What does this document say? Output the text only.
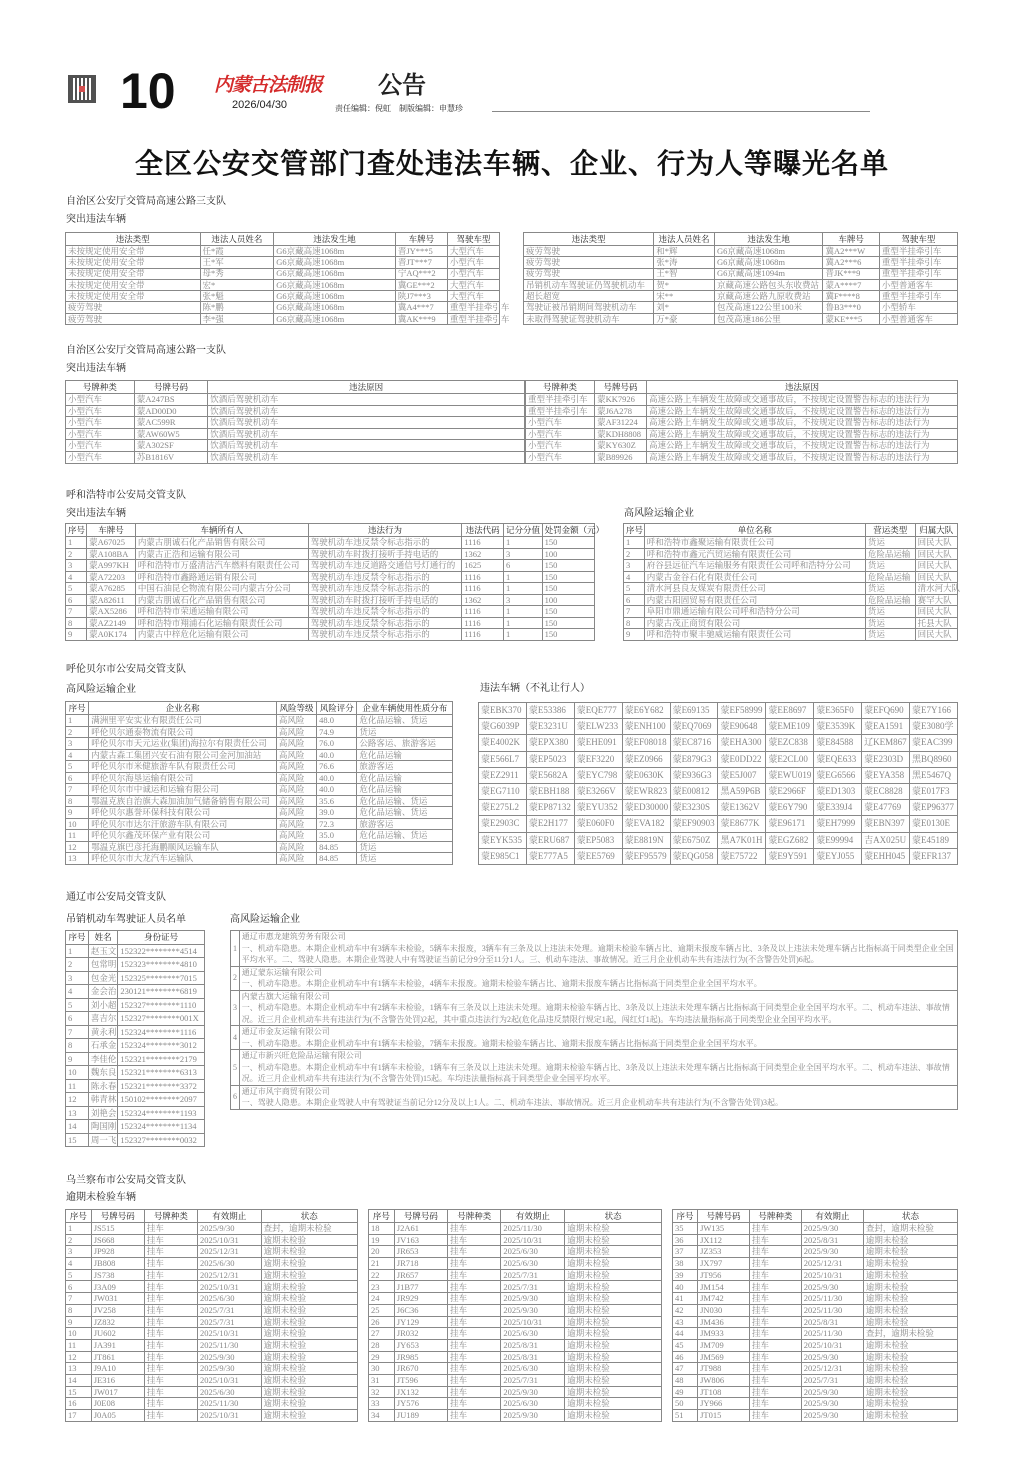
10 内蒙古法制报
2026/04/30
公告
责任编辑：倪虹　制版编辑：申慧珍
全区公安交管部门查处违法车辆、企业、行为人等曝光名单
自治区公安厅交管局高速公路三支队
突出违法车辆
违法类型	违法人员姓名	违法发生地	车牌号	驾驶车型
未按规定使用安全带	任*霞	G6京藏高速1068m	晋JY***5	大型汽车
未按规定使用安全带	王*军	G6京藏高速1068m	晋JT***7	小型汽车
未按规定使用安全带	母*秀	G6京藏高速1068m	宁AQ***2	小型汽车
未按规定使用安全带	宏*	G6京藏高速1068m	冀GE***2	大型汽车
未按规定使用安全带	张*魁	G6京藏高速1068m	陕J7***3	大型汽车
疲劳驾驶	陈*鹏	G6京藏高速1068m	冀A4***7	重型半挂牵引车
疲劳驾驶	李*强	G6京藏高速1068m	冀AK***9	重型半挂牵引车
违法类型	违法人员姓名	违法发生地	车牌号	驾驶车型
疲劳驾驶	和*辉	G6京藏高速1068m	冀A2***W	重型半挂牵引车
疲劳驾驶	张*涛	G6京藏高速1068m	冀A2***6	重型半挂牵引车
疲劳驾驶	王*智	G6京藏高速1094m	晋JK***9	重型半挂牵引车
吊销机动车驾驶证仍驾驶机动车	贺*	京藏高速公路包头东收费站	蒙A****7	小型普通客车
超长超宽	宋**	京藏高速公路九原收费站	冀F****8	重型半挂牵引车
驾驶证被吊销期间驾驶机动车	刘*	包茂高速122公里100米	鲁B3***0	小型轿车
未取得驾驶证驾驶机动车	万*豪	包茂高速186公里	蒙KE***5	小型普通客车
自治区公安厅交管局高速公路一支队
突出违法车辆
号牌种类	号牌号码	违法原因
小型汽车	蒙A247BS	饮酒后驾驶机动车
小型汽车	蒙AD00D0	饮酒后驾驶机动车
小型汽车	蒙AC599R	饮酒后驾驶机动车
小型汽车	蒙AW60W5	饮酒后驾驶机动车
小型汽车	蒙A302SF	饮酒后驾驶机动车
小型汽车	苏B1816V	饮酒后驾驶机动车
号牌种类	号牌号码	违法原因
重型半挂牵引车	蒙KK7926	高速公路上车辆发生故障或交通事故后，不按规定设置警告标志的违法行为
重型半挂牵引车	蒙J6A278	高速公路上车辆发生故障或交通事故后，不按规定设置警告标志的违法行为
小型汽车	蒙AF31224	高速公路上车辆发生故障或交通事故后，不按规定设置警告标志的违法行为
小型汽车	蒙KDH8808	高速公路上车辆发生故障或交通事故后，不按规定设置警告标志的违法行为
小型汽车	蒙KY630Z	高速公路上车辆发生故障或交通事故后，不按规定设置警告标志的违法行为
小型汽车	蒙B89926	高速公路上车辆发生故障或交通事故后，不按规定设置警告标志的违法行为
呼和浩特市公安局交管支队
突出违法车辆	高风险运输企业
序号	车牌号	车辆所有人	违法行为	违法代码	记分分值	处罚金额（元）
1	蒙A67025	内蒙古朋诚石化产品销售有限公司	驾驶机动车违反禁令标志指示的	1116	1	150
2	蒙A108BA	内蒙古正浩和运输有限公司	驾驶机动车时拨打接听手持电话的	1362	3	100
3	蒙A997KH	呼和浩特市万盛清洁汽车燃料有限责任公司	驾驶机动车违反道路交通信号灯通行的	1625	6	150
4	蒙A72203	呼和浩特市鑫路通运销有限公司	驾驶机动车违反禁令标志指示的	1116	1	150
5	蒙A76285	中国石油昆仑物流有限公司内蒙古分公司	驾驶机动车违反禁令标志指示的	1116	1	150
6	蒙A82611	内蒙古朋诚石化产品销售有限公司	驾驶机动车时拨打接听手持电话的	1362	3	100
7	蒙AX5286	呼和浩特市荣通运输有限公司	驾驶机动车违反禁令标志指示的	1116	1	150
8	蒙AZ2149	呼和浩特市翔浦石化运输有限责任公司	驾驶机动车违反禁令标志指示的	1116	1	150
9	蒙A0K174	内蒙古中梓危化运输有限公司	驾驶机动车违反禁令标志指示的	1116	1	150
序号	单位名称	营运类型	归属大队
1	呼和浩特市鑫聚运输有限责任公司	货运	回民大队
2	呼和浩特市鑫元汽贸运输有限责任公司	危险品运输	回民大队
3	府谷县远征汽车运输服务有限责任公司呼和浩特分公司	货运	回民大队
4	内蒙古金谷石化有限责任公司	危险品运输	回民大队
5	清水河县良友煤炭有限责任公司	货运	清水河大队
6	内蒙古阳固贸易有限责任公司	危险品运输	赛罕大队
7	阜阳市鼎通运输有限公司呼和浩特分公司	货运	回民大队
8	内蒙古茂正商贸有限公司	货运	托县大队
9	呼和浩特市聚丰驰威运输有限责任公司	货运	回民大队
呼伦贝尔市公安局交管支队
高风险运输企业	违法车辆（不礼让行人）
序号	企业名称	风险等级	风险评分	企业车辆使用性质分布
1	满洲里平安实业有限责任公司	高风险	48.0	危化品运输、货运
2	呼伦贝尔通泰物流有限公司	高风险	74.9	货运
3	呼伦贝尔市天元运业(集团)海拉尔有限责任公司	高风险	76.0	公路客运、旅游客运
4	内蒙古森工集团兴安石油有限公司金河加油站	高风险	40.0	危化品运输
5	呼伦贝尔市米健旅游车队有限责任公司	高风险	76.6	旅游客运
6	呼伦贝尔海垦运输有限公司	高风险	40.0	危化品运输
7	呼伦贝尔市中诚运和运输有限公司	高风险	40.0	危化品运输
8	鄂温克族自治旗大森加油加气储备销售有限公司	高风险	35.6	危化品运输、货运
9	呼伦贝尔惠誉环保科技有限公司	高风险	39.0	危化品运输、货运
10	呼伦贝尔市达尔汗旅游车队有限公司	高风险	72.3	旅游客运
11	呼伦贝尔鑫茂环保产业有限公司	高风险	35.0	危化品运输、货运
12	鄂温克旗巴彦托海鹏顺风运输车队	高风险	84.85	货运
13	呼伦贝尔市大龙汽车运输队	高风险	84.85	货运
蒙EBK370	蒙E53386	蒙EQE777	蒙E6Y682	蒙E69135	蒙EF58999	蒙EE8697	蒙E365F0	蒙EFQ690	蒙E7Y166
蒙G6039P	蒙E3231U	蒙ELW233	蒙ENH100	蒙EQ7069	蒙E90648	蒙EME109	蒙E3539K	蒙EA1591	蒙E3080学
蒙E4002K	蒙EPX380	蒙EHE091	蒙EF08018	蒙EC8716	蒙EHA300	蒙EZC838	蒙E84588	辽KEM867	蒙EAC399
蒙E566L7	蒙EP5023	蒙EF3220	蒙EZ0966	蒙E879G3	蒙E0DD22	蒙E2CL00	蒙EQE633	蒙E2303D	黑BQ8960
蒙EZ2911	蒙E5682A	蒙EYC798	蒙E0630K	蒙E936G3	蒙E5J007	蒙EWU019	蒙EG6566	蒙EYA358	黑E5467Q
蒙EG7110	蒙EBH188	蒙E3266V	蒙EWR823	蒙E00812	黑A59P6B	蒙E2966F	蒙ED1303	蒙EC8828	蒙E017F3
蒙E275L2	蒙EP87132	蒙EYU352	蒙ED30000	蒙E3230S	蒙E1362V	蒙E6Y790	蒙E339J4	蒙E47769	蒙EP96377
蒙E2903C	蒙E2H177	蒙E060F0	蒙EVA182	蒙EF90903	蒙E8677K	蒙E96171	蒙EH7999	蒙EBN397	蒙E0130E
蒙EYK535	蒙ERU687	蒙EP5083	蒙E8819N	蒙E6750Z	黑A7K01H	蒙EGZ682	蒙E99994	吉AX025U	蒙E45189
蒙E985C1	蒙E777A5	蒙EE5769	蒙EF95579	蒙EQG058	蒙E75722	蒙E9Y591	蒙EYJ055	蒙EHH045	蒙EFR137
通辽市公安局交管支队
吊销机动车驾驶证人员名单	高风险运输企业
序号	姓名	身份证号
1	赵玉文	152322********4514
2	包常明	152323********4810
3	包金光	152325********7015
4	金会治	230121********6819
5	刘小超	152327********1110
6	喜吉尔	152327********001X
7	黄永利	152324********1116
8	石承金	152324********3012
9	李佳伦	152321********2179
10	魏东良	152321********6313
11	陈永春	152321********3372
12	韩青林	150102********2097
13	刘艳会	152324********1193
14	陶国刚	152324********1134
15	周一飞	152327********0032
1	通辽市惠龙建筑劳务有限公司
一、机动车隐患。本期企业机动车中有3辆车未检验，5辆车未报废，3辆车有三条及以上违法未处理。逾期未检验车辆占比、逾期未报废车辆占比、3条及以上违法未处理车辆占比指标高于同类型企业全国平均水平。二、驾驶人隐患。本期企业驾驶人中有驾驶证当前记分9分至11分1人。三、机动车违法、事故情况。近三月企业机动车共有违法行为(不含警告处罚)6起。

2	通辽蒙东运输有限公司
一、机动车隐患。本期企业机动车中有1辆车未检验，4辆车未报废。逾期未检验车辆占比、逾期未报废车辆占比指标高于同类型企业全国平均水平。

3	内蒙古旗大运输有限公司
一、机动车隐患。本期企业机动车中有2辆车未检验，1辆车有三条及以上违法未处理。逾期未检验车辆占比、3条及以上违法未处理车辆占比指标高于同类型企业全国平均水平。二、机动车违法、事故情况。近三月企业机动车共有违法行为(不含警告处罚)2起，其中重点违法行为2起(危化品违反禁限行规定1起，闯红灯1起)。车均违法量指标高于同类型企业全国平均水平。

4	通辽市金友运输有限公司
一、机动车隐患。本期企业机动车中有1辆车未检验，7辆车未报废。逾期未检验车辆占比、逾期未报废车辆占比指标高于同类型企业全国平均水平。

5	通辽市新兴旺危险品运输有限公司
一、机动车隐患。本期企业机动车中有1辆车未检验，1辆车有三条及以上违法未处理。逾期未检验车辆占比、3条及以上违法未处理车辆占比指标高于同类型企业全国平均水平。二、机动车违法、事故情况。近三月企业机动车共有违法行为(不含警告处罚)15起。车均违法量指标高于同类型企业全国平均水平。

6	通辽市风宇商贸有限公司
一、驾驶人隐患。本期企业驾驶人中有驾驶证当前记分12分及以上1人。二、机动车违法、事故情况。近三月企业机动车共有违法行为(不含警告处罚)3起。
乌兰察布市公安局交管支队
逾期未检验车辆
序号	号牌号码	号牌种类	有效期止	状态
1	JS515	挂车	2025/9/30	查封，逾期未检验
2	JS668	挂车	2025/10/31	逾期未检验
3	JP928	挂车	2025/12/31	逾期未检验
4	JB808	挂车	2025/6/30	逾期未检验
5	JS738	挂车	2025/12/31	逾期未检验
6	J3A09	挂车	2025/10/31	逾期未检验
7	JW031	挂车	2025/6/30	逾期未检验
8	JV258	挂车	2025/7/31	逾期未检验
9	JZ832	挂车	2025/7/31	逾期未检验
10	JU602	挂车	2025/10/31	逾期未检验
11	JA391	挂车	2025/11/30	逾期未检验
12	JT861	挂车	2025/9/30	逾期未检验
13	J9A10	挂车	2025/9/30	逾期未检验
14	JE316	挂车	2025/10/31	逾期未检验
15	JW017	挂车	2025/6/30	逾期未检验
16	J0E08	挂车	2025/11/30	逾期未检验
17	J0A05	挂车	2025/10/31	逾期未检验
序号	号牌号码	号牌种类	有效期止	状态
18	J2A61	挂车	2025/11/30	逾期未检验
19	JV163	挂车	2025/10/31	逾期未检验
20	JR653	挂车	2025/6/30	逾期未检验
21	JR718	挂车	2025/6/30	逾期未检验
22	JR657	挂车	2025/7/31	逾期未检验
23	J1B77	挂车	2025/7/31	逾期未检验
24	JR929	挂车	2025/9/30	逾期未检验
25	J6C36	挂车	2025/9/30	逾期未检验
26	JY129	挂车	2025/10/31	逾期未检验
27	JR032	挂车	2025/6/30	逾期未检验
28	JY653	挂车	2025/8/31	逾期未检验
29	JR985	挂车	2025/8/31	逾期未检验
30	JR670	挂车	2025/6/30	逾期未检验
31	JT596	挂车	2025/7/31	逾期未检验
32	JX132	挂车	2025/9/30	逾期未检验
33	JY576	挂车	2025/6/30	逾期未检验
34	JU189	挂车	2025/9/30	逾期未检验
序号	号牌号码	号牌种类	有效期止	状态
35	JW135	挂车	2025/9/30	查封，逾期未检验
36	JX112	挂车	2025/8/31	逾期未检验
37	JZ353	挂车	2025/9/30	逾期未检验
38	JX797	挂车	2025/12/31	逾期未检验
39	JT956	挂车	2025/10/31	逾期未检验
40	JM154	挂车	2025/9/30	逾期未检验
41	JM742	挂车	2025/11/30	逾期未检验
42	JN030	挂车	2025/11/30	逾期未检验
43	JM436	挂车	2025/8/31	逾期未检验
44	JM933	挂车	2025/11/30	查封，逾期未检验
45	JM709	挂车	2025/10/31	逾期未检验
46	JM569	挂车	2025/9/30	逾期未检验
47	JT988	挂车	2025/12/31	逾期未检验
48	JW806	挂车	2025/7/31	逾期未检验
49	JT108	挂车	2025/9/30	逾期未检验
50	JY966	挂车	2025/9/30	逾期未检验
51	JT015	挂车	2025/9/30	逾期未检验
